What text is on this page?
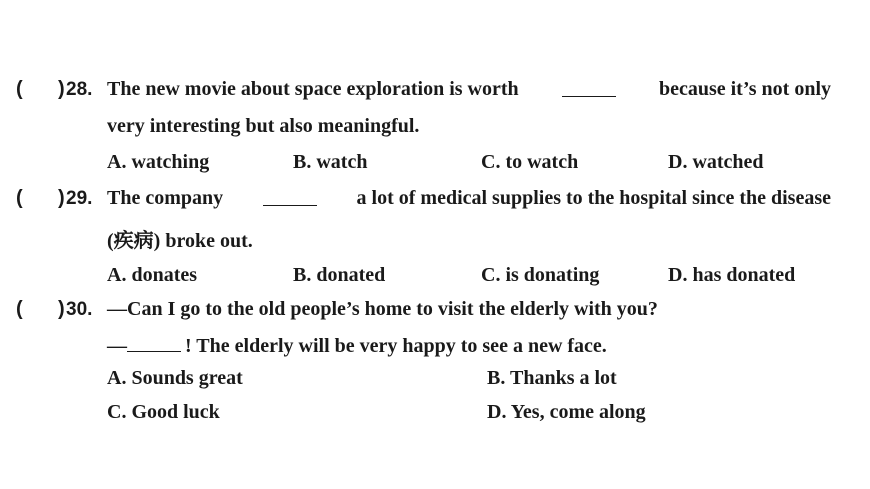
( ) 28. The new movie about space exploration is worth	because it’s not only
very interesting but also meaningful.
A. watching	B. watch	C. to watch	D. watched
( ) 29. The company	a lot of medical supplies to the hospital since the disease
(疾病) broke out.
A. donates	B. donated	C. is donating	D. has donated
( ) 30. —Can I go to the old people’s home to visit the elderly with you?
—	! The elderly will be very happy to see a new face.
A. Sounds great	B. Thanks a lot
C. Good luck	D. Yes, come along
